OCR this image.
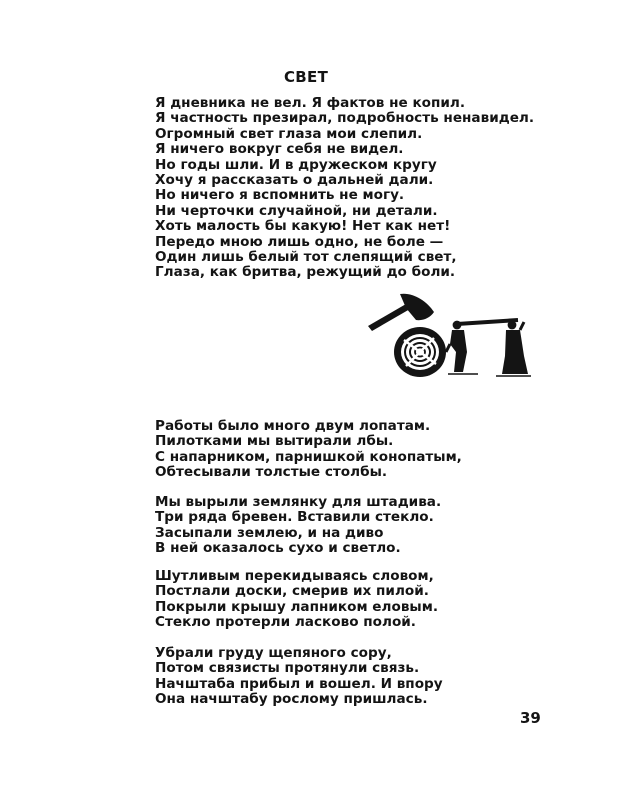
СВЕТ
Я дневника не вел. Я фактов не копил.
Я частность презирал, подробность ненавидел.
Огромный свет глаза мои слепил.
Я ничего вокруг себя не видел.
Но годы шли. И в дружеском кругу
Хочу я рассказать о дальней дали.
Но ничего я вспомнить не могу.
Ни черточки случайной, ни детали.
Хоть малость бы какую! Нет как нет!
Передо мною лишь одно, не боле —
Один лишь белый тот слепящий свет,
Глаза, как бритва, режущий до боли.
Работы было много двум лопатам.
Пилотками мы вытирали лбы.
С напарником, парнишкой конопатым,
Обтесывали толстые столбы.
Мы вырыли землянку для штадива.
Три ряда бревен. Вставили стекло.
Засыпали землею, и на диво
В ней оказалось сухо и светло.
Шутливым перекидываясь словом,
Постлали доски, смерив их пилой.
Покрыли крышу лапником еловым.
Стекло протерли ласково полой.
Убрали груду щепяного сору,
Потом связисты протянули связь.
Начштаба прибыл и вошел. И впору
Она начштабу рослому пришлась.
39
